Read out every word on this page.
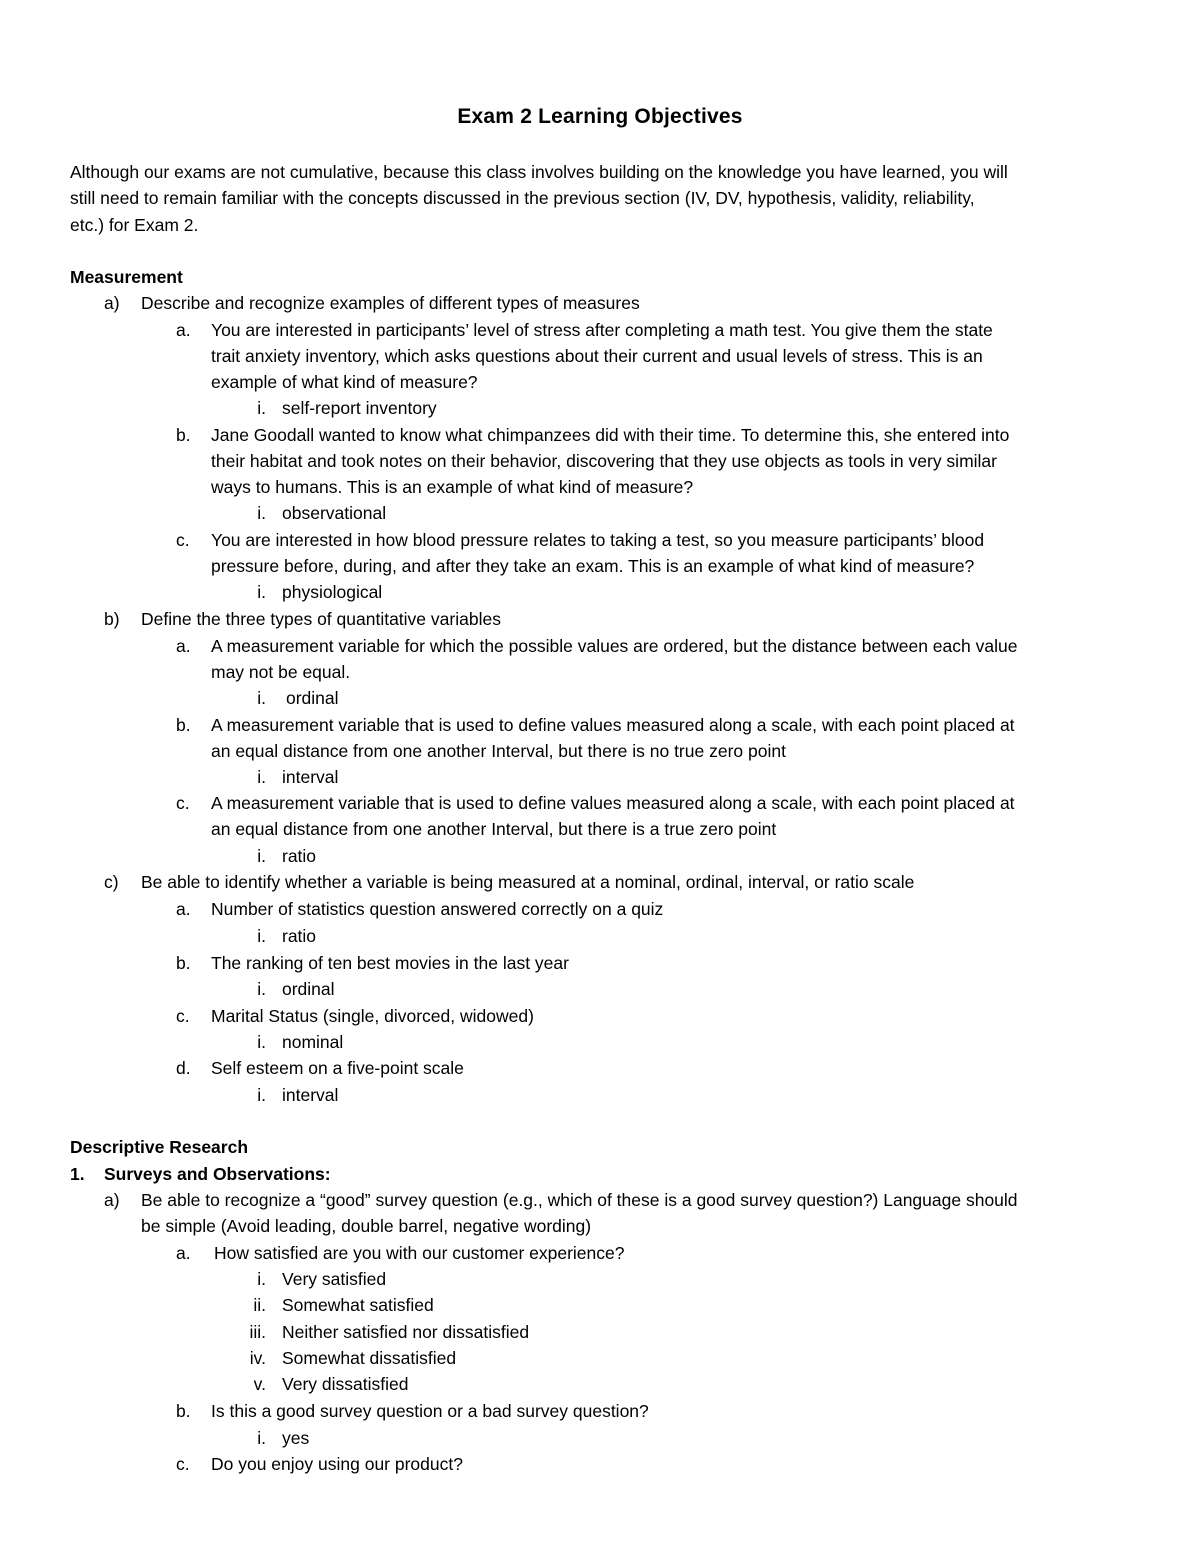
Exam 2 Learning Objectives
Although our exams are not cumulative, because this class involves building on the knowledge you have learned, you will
still need to remain familiar with the concepts discussed in the previous section (IV, DV, hypothesis, validity, reliability,
etc.) for Exam 2.
Measurement
a) Describe and recognize examples of different types of measures
a. You are interested in participants’ level of stress after completing a math test. You give them the state
trait anxiety inventory, which asks questions about their current and usual levels of stress. This is an
example of what kind of measure?
i. self-report inventory
b. Jane Goodall wanted to know what chimpanzees did with their time. To determine this, she entered into
their habitat and took notes on their behavior, discovering that they use objects as tools in very similar
ways to humans. This is an example of what kind of measure?
i. observational
c. You are interested in how blood pressure relates to taking a test, so you measure participants’ blood
pressure before, during, and after they take an exam. This is an example of what kind of measure?
i. physiological
b) Define the three types of quantitative variables
a. A measurement variable for which the possible values are ordered, but the distance between each value
may not be equal.
i. ordinal
b. A measurement variable that is used to define values measured along a scale, with each point placed at
an equal distance from one another Interval, but there is no true zero point
i. interval
c. A measurement variable that is used to define values measured along a scale, with each point placed at
an equal distance from one another Interval, but there is a true zero point
i. ratio
c) Be able to identify whether a variable is being measured at a nominal, ordinal, interval, or ratio scale
a. Number of statistics question answered correctly on a quiz
i. ratio
b. The ranking of ten best movies in the last year
i. ordinal
c. Marital Status (single, divorced, widowed)
i. nominal
d. Self esteem on a five-point scale
i. interval
Descriptive Research
1. Surveys and Observations:
a) Be able to recognize a “good” survey question (e.g., which of these is a good survey question?) Language should
be simple (Avoid leading, double barrel, negative wording)
a. How satisfied are you with our customer experience?
i. Very satisfied
ii. Somewhat satisfied
iii. Neither satisfied nor dissatisfied
iv. Somewhat dissatisfied
v. Very dissatisfied
b. Is this a good survey question or a bad survey question?
i. yes
c. Do you enjoy using our product?
